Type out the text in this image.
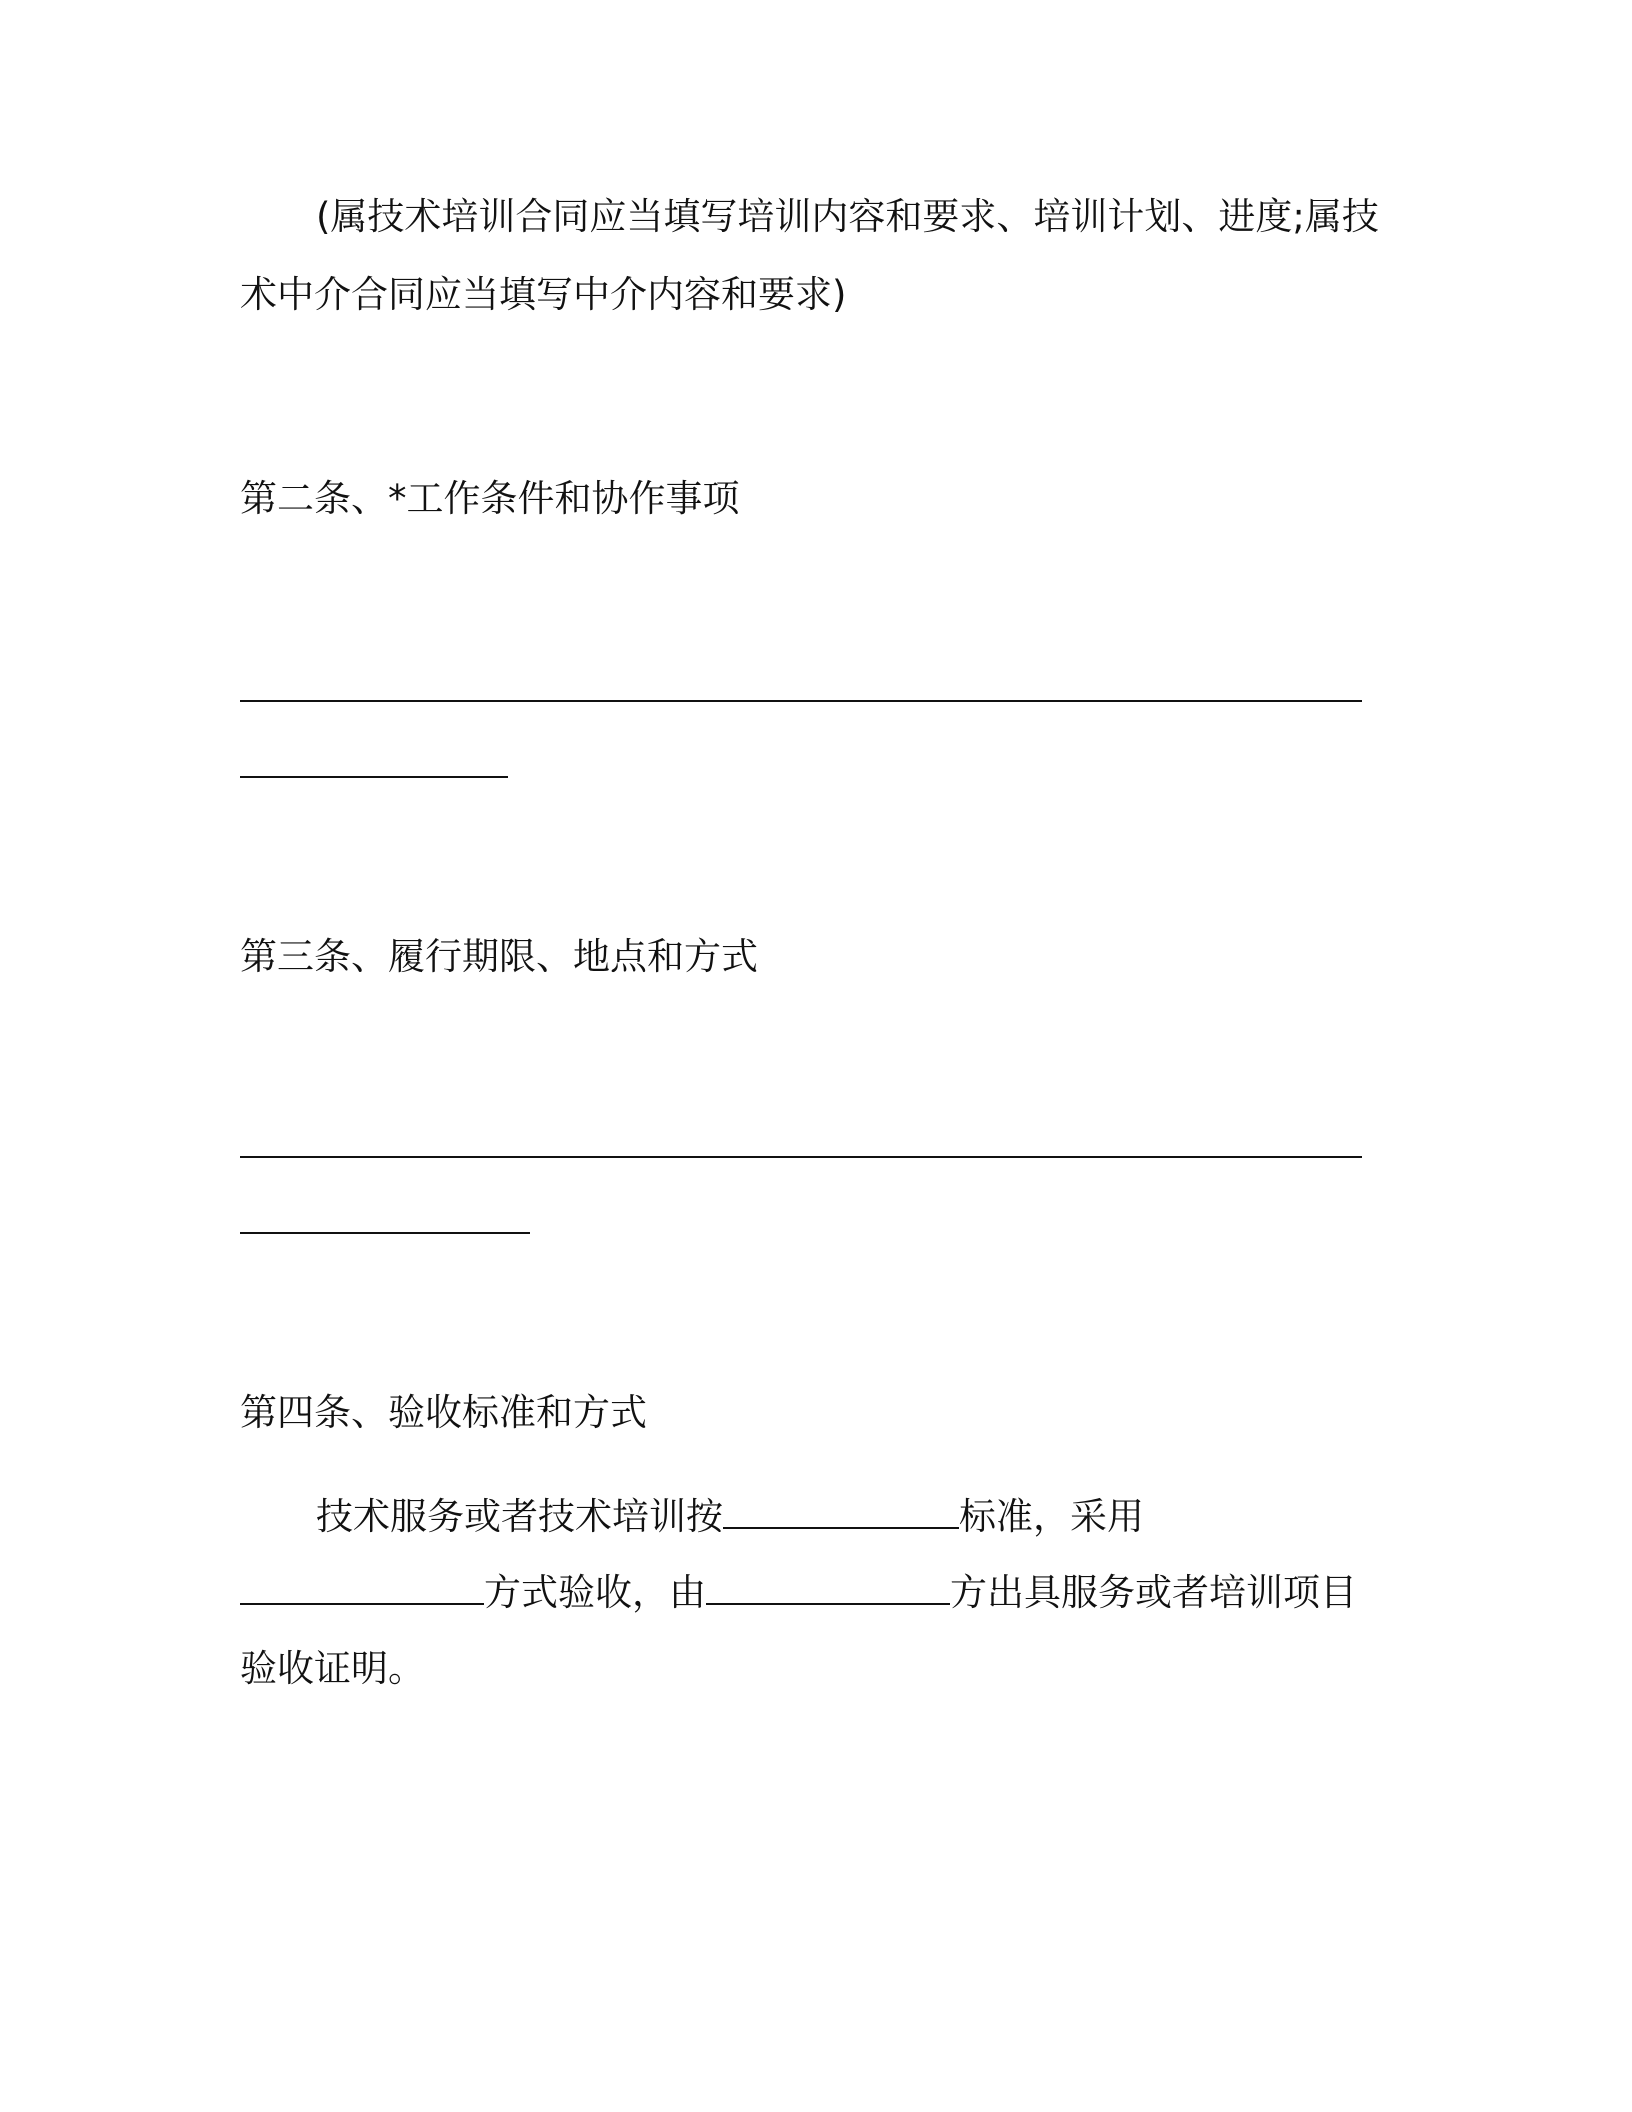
(属技术培训合同应当填写培训内容和要求、培训计划、进度;属技
术中介合同应当填写中介内容和要求)
第二条、*工作条件和协作事项
第三条、履行期限、地点和方式
第四条、验收标准和方式
技术服务或者技术培训按	标准，采用
方式验收，由	方出具服务或者培训项目
验收证明。
